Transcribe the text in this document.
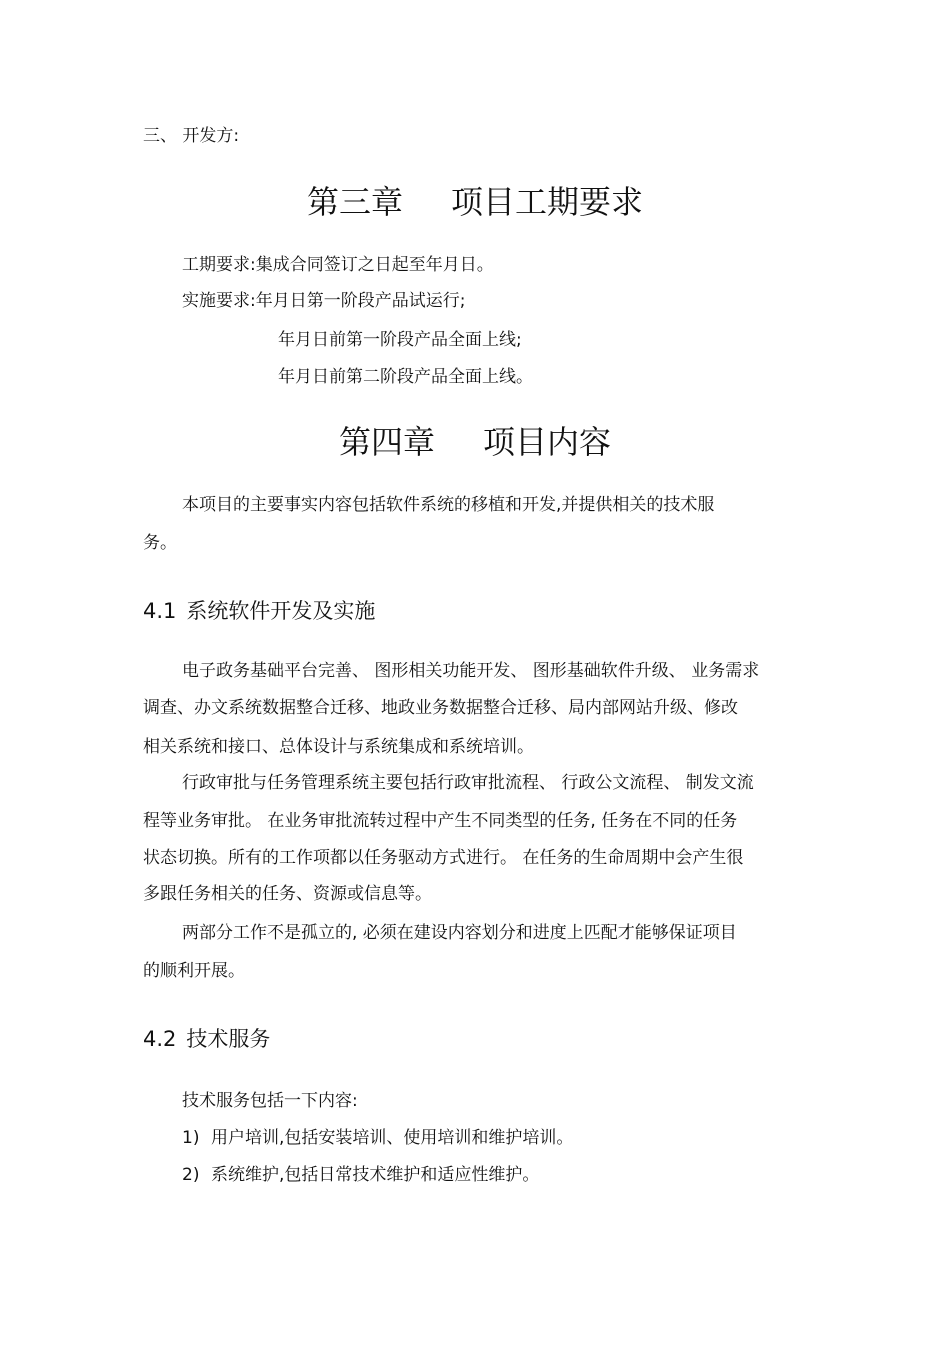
三、 开发方:
第三章 项目工期要求
工期要求:集成合同签订之日起至年月日。
实施要求:年月日第一阶段产品试运行;
年月日前第一阶段产品全面上线;
年月日前第二阶段产品全面上线。
第四章 项目内容
本项目的主要事实内容包括软件系统的移植和开发,并提供相关的技术服
务。
4.1 系统软件开发及实施
电子政务基础平台完善、 图形相关功能开发、 图形基础软件升级、 业务需求
调查、办文系统数据整合迁移、地政业务数据整合迁移、局内部网站升级、修改
相关系统和接口、总体设计与系统集成和系统培训。
行政审批与任务管理系统主要包括行政审批流程、 行政公文流程、 制发文流
程等业务审批。 在业务审批流转过程中产生不同类型的任务, 任务在不同的任务
状态切换。所有的工作项都以任务驱动方式进行。 在任务的生命周期中会产生很
多跟任务相关的任务、资源或信息等。
两部分工作不是孤立的, 必须在建设内容划分和进度上匹配才能够保证项目
的顺利开展。
4.2 技术服务
技术服务包括一下内容:
1) 用户培训,包括安装培训、使用培训和维护培训。
2) 系统维护,包括日常技术维护和适应性维护。
